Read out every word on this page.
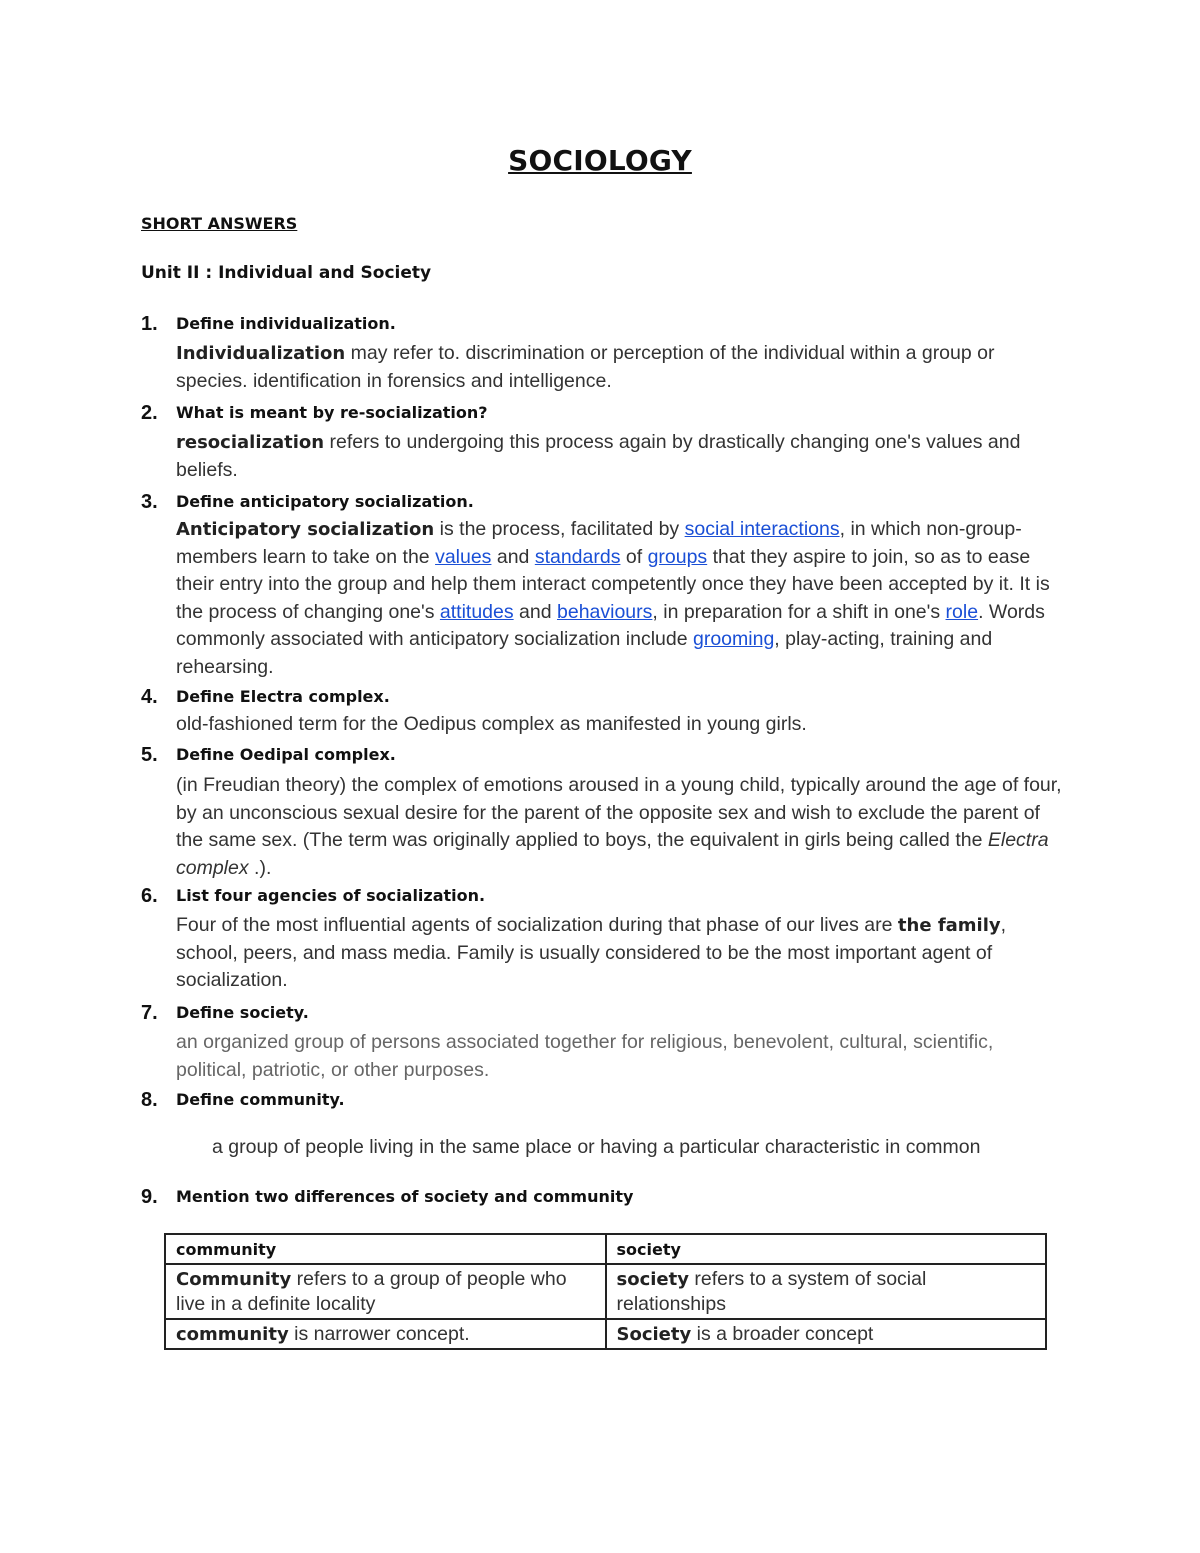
SOCIOLOGY
SHORT ANSWERS
Unit II : Individual and Society
1. Define individualization.
Individualization may refer to. discrimination or perception of the individual within a group or species. identification in forensics and intelligence.
2. What is meant by re-socialization?
resocialization refers to undergoing this process again by drastically changing one's values and beliefs.
3. Define anticipatory socialization.
Anticipatory socialization is the process, facilitated by social interactions, in which non-group-members learn to take on the values and standards of groups that they aspire to join, so as to ease their entry into the group and help them interact competently once they have been accepted by it. It is the process of changing one's attitudes and behaviours, in preparation for a shift in one's role. Words commonly associated with anticipatory socialization include grooming, play-acting, training and rehearsing.
4. Define Electra complex.
old-fashioned term for the Oedipus complex as manifested in young girls.
5. Define Oedipal complex.
(in Freudian theory) the complex of emotions aroused in a young child, typically around the age of four, by an unconscious sexual desire for the parent of the opposite sex and wish to exclude the parent of the same sex. (The term was originally applied to boys, the equivalent in girls being called the Electra complex .).
6. List four agencies of socialization.
Four of the most influential agents of socialization during that phase of our lives are the family, school, peers, and mass media. Family is usually considered to be the most important agent of socialization.
7. Define society.
an organized group of persons associated together for religious, benevolent, cultural, scientific, political, patriotic, or other purposes.
8. Define community.
a group of people living in the same place or having a particular characteristic in common
9. Mention two differences of society and community
community	society
Community refers to a group of people who live in a definite locality	society refers to a system of social relationships
community is narrower concept.	Society is a broader concept
